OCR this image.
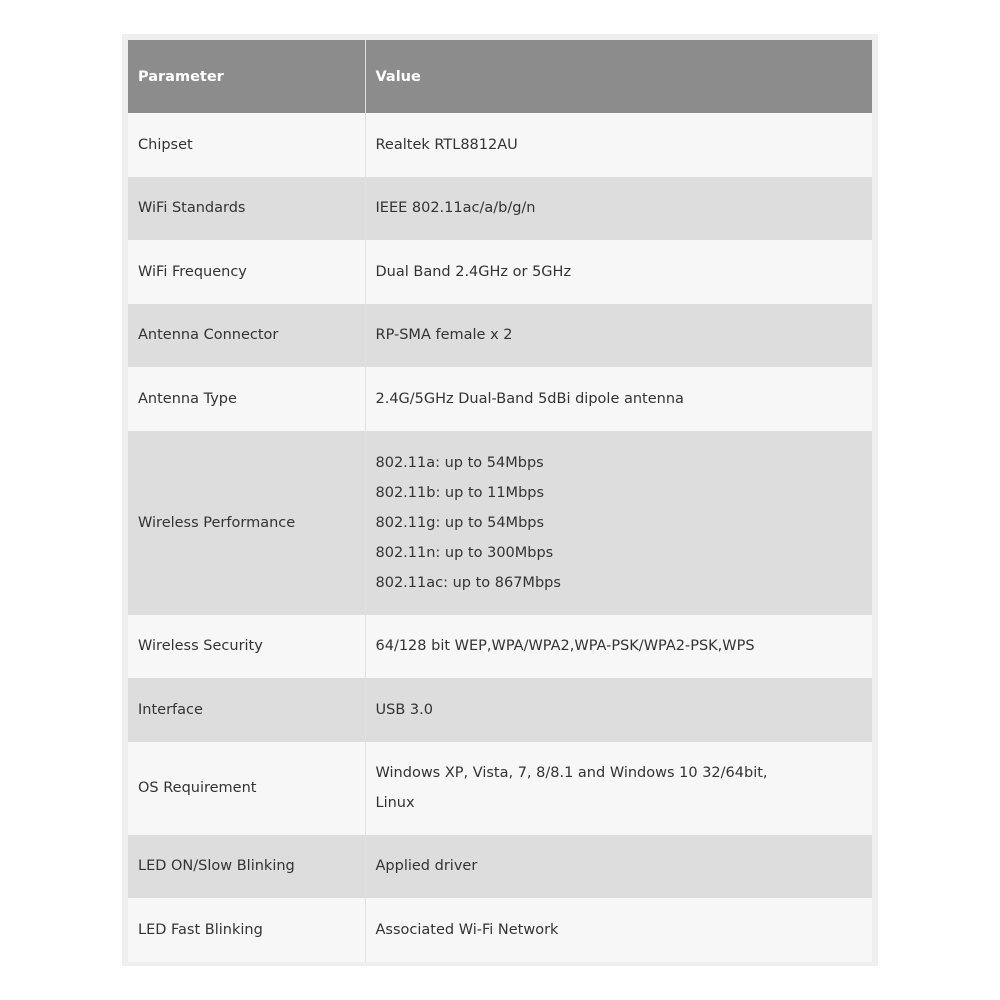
Parameter	Value
Chipset	Realtek RTL8812AU

WiFi Standards	IEEE 802.11ac/a/b/g/n

WiFi Frequency	Dual Band 2.4GHz or 5GHz

Antenna Connector	RP-SMA female x 2

Antenna Type	2.4G/5GHz Dual-Band 5dBi dipole antenna

Wireless Performance	802.11a: up to 54Mbps
802.11b: up to 11Mbps
802.11g: up to 54Mbps
802.11n: up to 300Mbps
802.11ac: up to 867Mbps

Wireless Security	64/128 bit WEP,WPA/WPA2,WPA-PSK/WPA2-PSK,WPS

Interface	USB 3.0

OS Requirement	Windows XP, Vista, 7, 8/8.1 and Windows 10 32/64bit,
Linux

LED ON/Slow Blinking	Applied driver

LED Fast Blinking	Associated Wi-Fi Network
